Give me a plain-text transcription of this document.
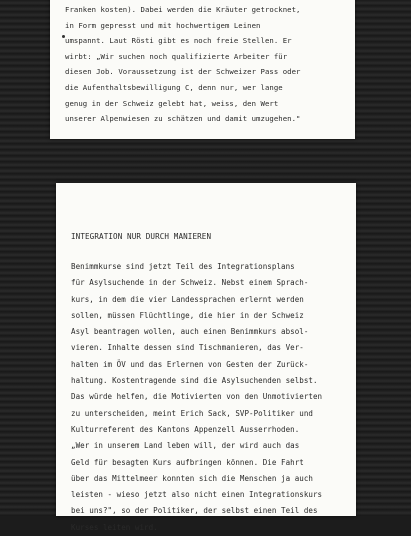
Franken kosten). Dabei werden die Kräuter getrocknet,
in Form gepresst und mit hochwertigem Leinen
umspannt. Laut Rösti gibt es noch freie Stellen. Er
wirbt: „Wir suchen noch qualifizierte Arbeiter für
diesen Job. Voraussetzung ist der Schweizer Pass oder
die Aufenthaltsbewilligung C, denn nur, wer lange
genug in der Schweiz gelebt hat, weiss, den Wert
unserer Alpenwiesen zu schätzen und damit umzugehen."
INTEGRATION NUR DURCH MANIEREN
Benimmkurse sind jetzt Teil des Integrationsplans
für Asylsuchende in der Schweiz. Nebst einem Sprach-
kurs, in dem die vier Landessprachen erlernt werden
sollen, müssen Flüchtlinge, die hier in der Schweiz
Asyl beantragen wollen, auch einen Benimmkurs absol-
vieren. Inhalte dessen sind Tischmanieren, das Ver-
halten im ÖV und das Erlernen von Gesten der Zurück-
haltung. Kostentragende sind die Asylsuchenden selbst.
Das würde helfen, die Motivierten von den Unmotivierten
zu unterscheiden, meint Erich Sack, SVP-Politiker und
Kulturreferent des Kantons Appenzell Ausserrhoden.
„Wer in unserem Land leben will, der wird auch das
Geld für besagten Kurs aufbringen können. Die Fahrt
über das Mittelmeer konnten sich die Menschen ja auch
leisten - wieso jetzt also nicht einen Integrationskurs
bei uns?", so der Politiker, der selbst einen Teil des
Kurses leiten wird.
